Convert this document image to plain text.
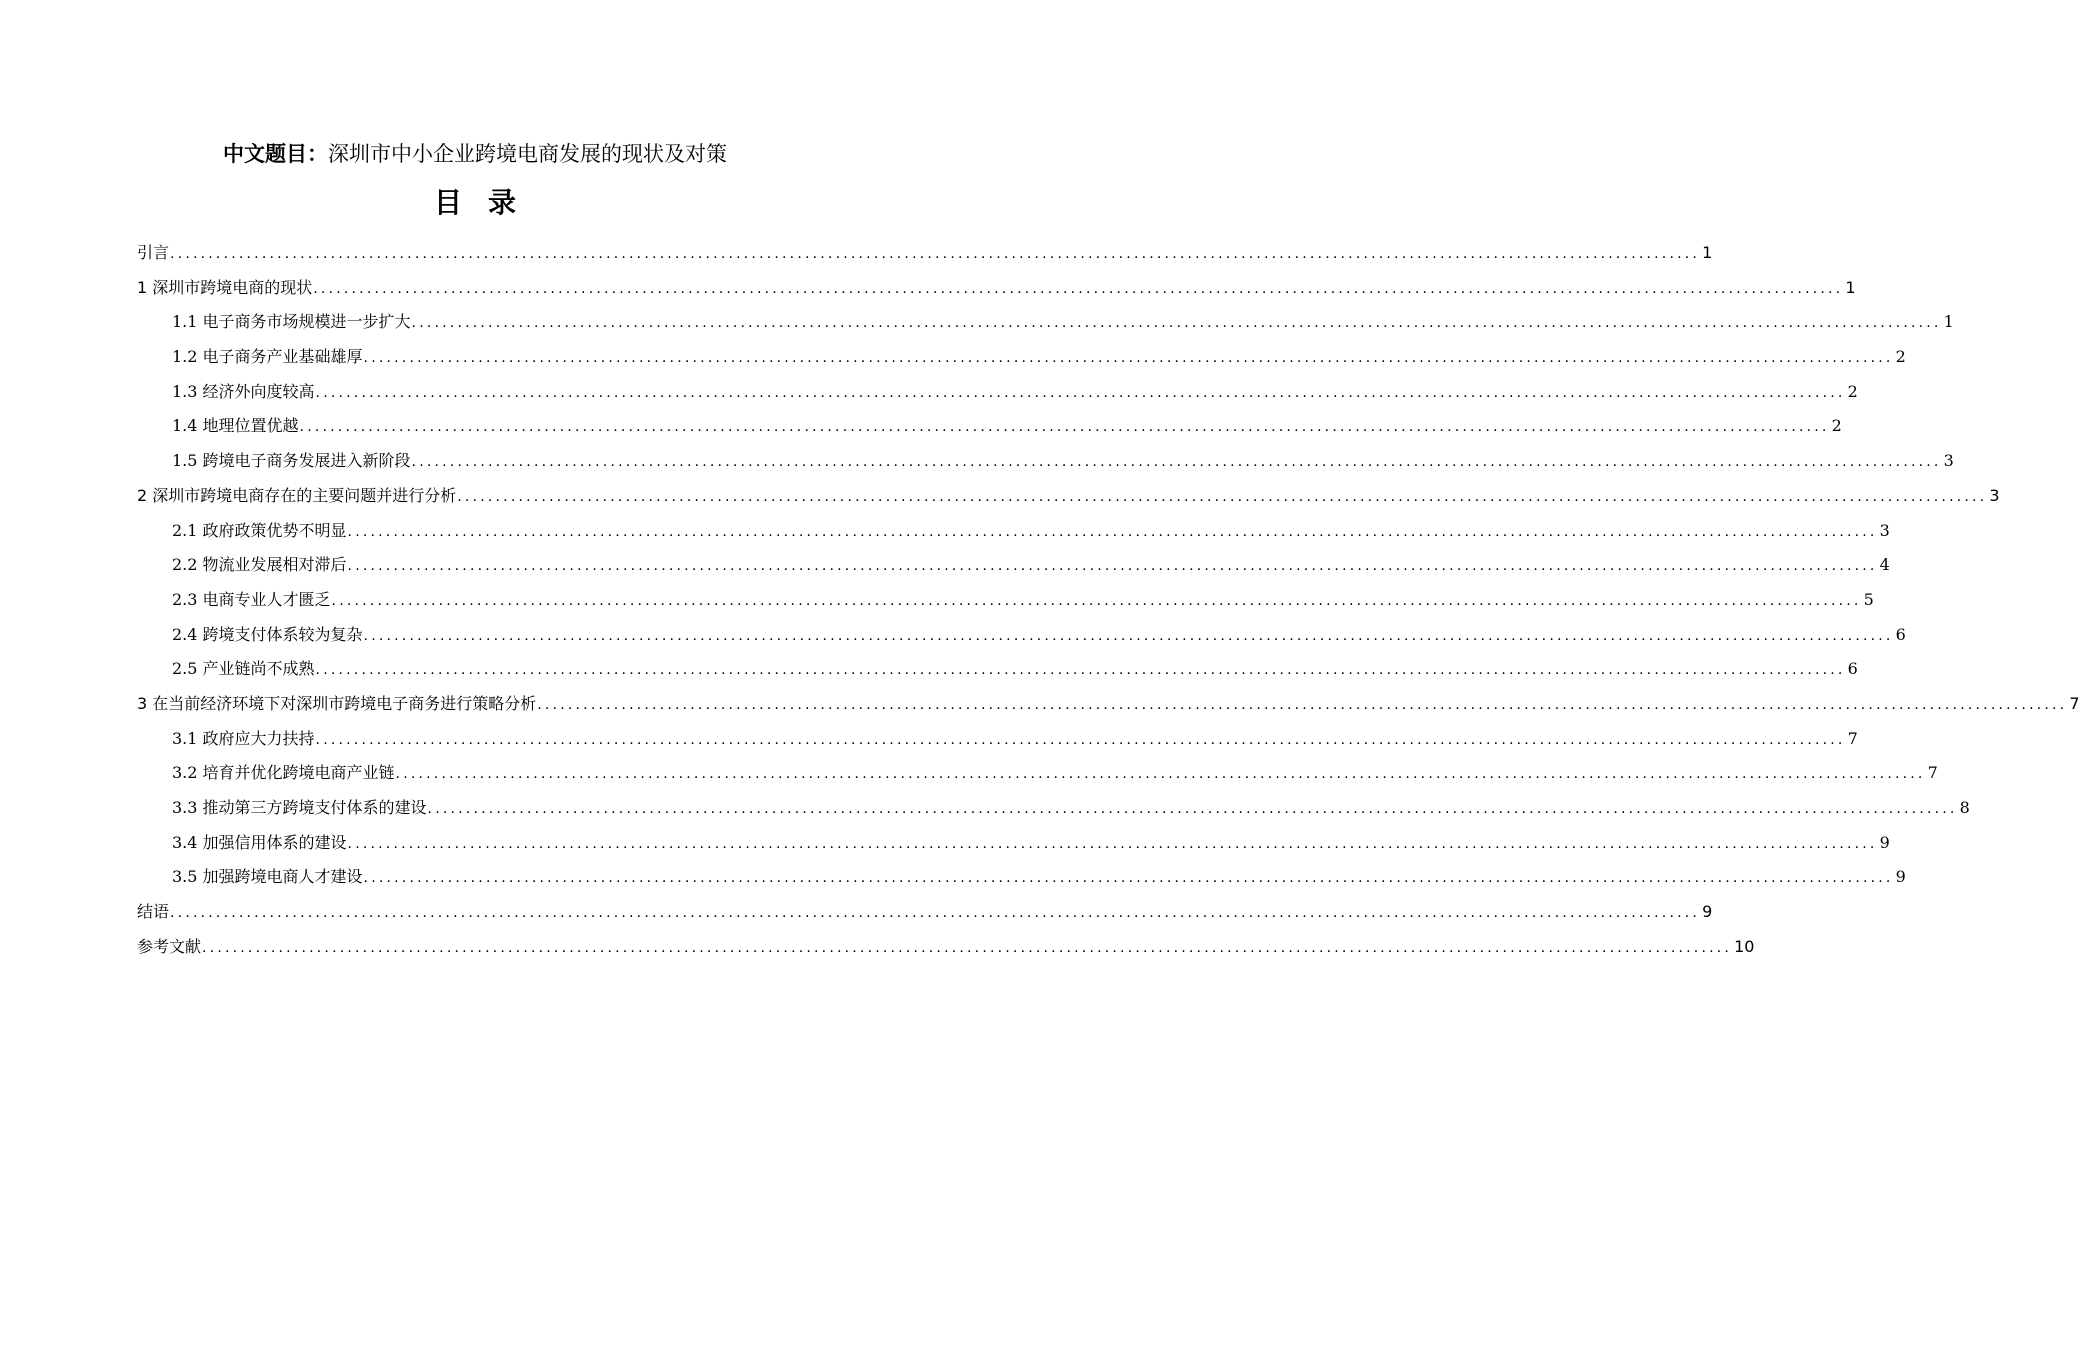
中文题目：深圳市中小企业跨境电商发展的现状及对策
目录
引言 ........................................................................................................................................................................................................ 1
1 深圳市跨境电商的现状 ........................................................................................................................................................................................................ 1
1.1 电子商务市场规模进一步扩大 ........................................................................................................................................................................................................ 1
1.2 电子商务产业基础雄厚 ........................................................................................................................................................................................................ 2
1.3 经济外向度较高 ........................................................................................................................................................................................................ 2
1.4 地理位置优越 ........................................................................................................................................................................................................ 2
1.5 跨境电子商务发展进入新阶段 ........................................................................................................................................................................................................ 3
2 深圳市跨境电商存在的主要问题并进行分析 ........................................................................................................................................................................................................ 3
2.1 政府政策优势不明显 ........................................................................................................................................................................................................ 3
2.2 物流业发展相对滞后 ........................................................................................................................................................................................................ 4
2.3 电商专业人才匮乏 ........................................................................................................................................................................................................ 5
2.4 跨境支付体系较为复杂 ........................................................................................................................................................................................................ 6
2.5 产业链尚不成熟 ........................................................................................................................................................................................................ 6
3 在当前经济环境下对深圳市跨境电子商务进行策略分析 ........................................................................................................................................................................................................ 7
3.1 政府应大力扶持 ........................................................................................................................................................................................................ 7
3.2 培育并优化跨境电商产业链 ........................................................................................................................................................................................................ 7
3.3 推动第三方跨境支付体系的建设 ........................................................................................................................................................................................................ 8
3.4 加强信用体系的建设 ........................................................................................................................................................................................................ 9
3.5 加强跨境电商人才建设 ........................................................................................................................................................................................................ 9
结语 ........................................................................................................................................................................................................ 9
参考文献 ........................................................................................................................................................................................................ 10
